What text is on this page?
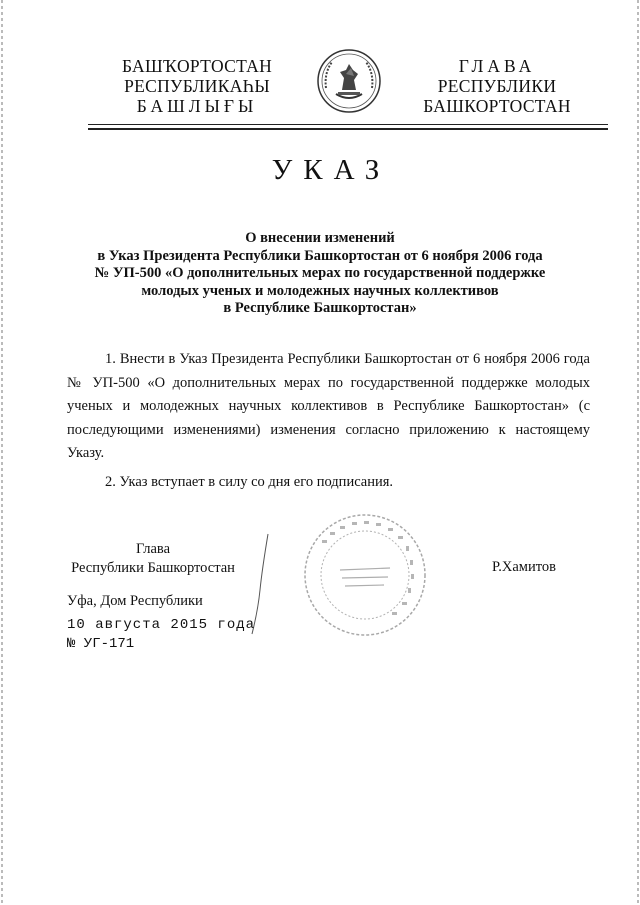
БАШҠОРТОСТАН
РЕСПУБЛИКАҺЫ
БАШЛЫҒЫ
ГЛАВА
РЕСПУБЛИКИ
БАШКОРТОСТАН
УКАЗ
О внесении изменений
в Указ Президента Республики Башкортостан от 6 ноября 2006 года
№ УП-500 «О дополнительных мерах по государственной поддержке
молодых ученых и молодежных научных коллективов
в Республике Башкортостан»

1. Внести в Указ Президента Республики Башкортостан от 6 ноября 2006 года № УП-500 «О дополнительных мерах по государственной поддержке молодых ученых и молодежных научных коллективов в Республике Башкортостан» (с последующими изменениями) изменения согласно приложению к настоящему Указу.

2. Указ вступает в силу со дня его подписания.

Глава
Республики Башкортостан	Р.Хамитов
Уфа, Дом Республики
10 августа 2015 года
№ УГ-171
